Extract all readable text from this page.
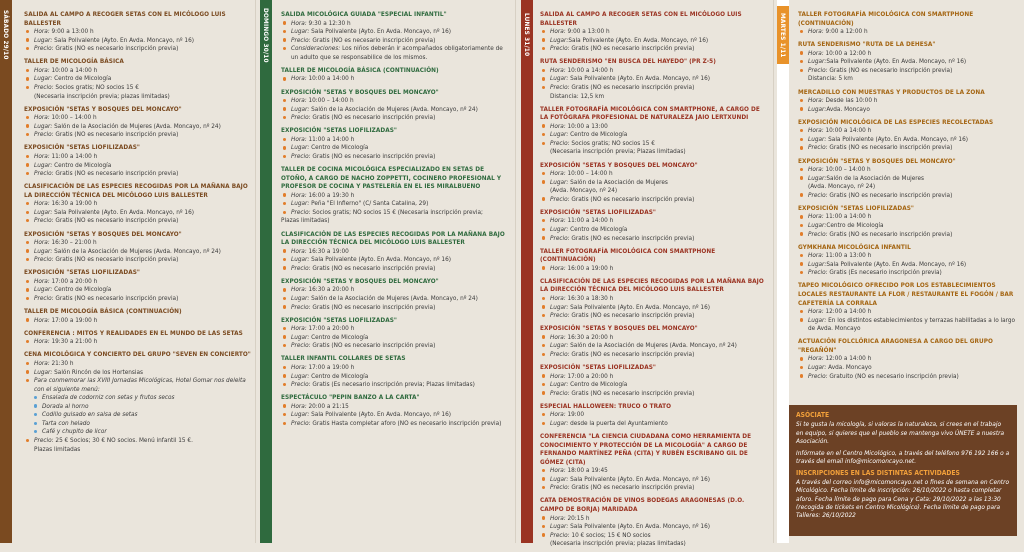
SÁBADO 29/10	DOMINGO 30/10	LUNES 31/10	MARTES 1/11
SALIDA AL CAMPO A RECOGER SETAS CON EL MICÓLOGO LUIS BALLESTER
Hora: 9:00 a 13:00 h
Lugar: Sala Polivalente (Ayto. En Avda. Moncayo, nº 16)
Precio: Gratis (NO es necesario inscripción previa)
TALLER DE MICOLOGÍA BÁSICA
Hora: 10:00 a 14:00 h
Lugar: Centro de Micología
Precio: Socios gratis; NO socios 15 €
(Necesaria inscripción previa; plazas limitadas)
EXPOSICIÓN "SETAS Y BOSQUES DEL MONCAYO"
Hora: 10:00 – 14:00 h
Lugar: Salón de la Asociación de Mujeres (Avda. Moncayo, nº 24)
Precio: Gratis (NO es necesario inscripción previa)
EXPOSICIÓN "SETAS LIOFILIZADAS"
Hora: 11:00 a 14:00 h
Lugar: Centro de Micología
Precio: Gratis (NO es necesario inscripción previa)
CLASIFICACIÓN DE LAS ESPECIES RECOGIDAS POR LA MAÑANA BAJO LA DIRECCIÓN TÉCNICA DEL MICÓLOGO LUIS BALLESTER
Hora: 16:30 a 19:00 h
Lugar: Sala Polivalente (Ayto. En Avda. Moncayo, nº 16)
Precio: Gratis (NO es necesario inscripción previa)
EXPOSICIÓN "SETAS Y BOSQUES DEL MONCAYO"
Hora: 16:30 – 21:00 h
Lugar: Salón de la Asociación de Mujeres (Avda. Moncayo, nº 24)
Precio: Gratis (NO es necesario inscripción previa)
EXPOSICIÓN "SETAS LIOFILIZADAS"
Hora: 17:00 a 20:00 h
Lugar: Centro de Micología
Precio: Gratis (NO es necesario inscripción previa)
TALLER DE MICOLOGÍA BÁSICA (CONTINUACIÓN)
Hora: 17:00 a 19:00 h
CONFERENCIA : MITOS Y REALIDADES EN EL MUNDO DE LAS SETAS
Hora: 19:30 a 21:00 h
CENA MICOLÓGICA Y CONCIERTO DEL GRUPO "SEVEN EN CONCIERTO"
Hora: 21:30 h
Lugar: Salón Rincón de los Hortensias
Para conmemorar las XVIII Jornadas Micológicas, Hotel Gomar nos deleita con el siguiente menú:
Ensalada de codorniz con setas y frutos secos
Dorada al horno
Codillo guisado en salsa de setas
Tarta con helado
Café y chupito de licor
Precio: 25 € Socios; 30 € NO socios. Menú infantil 15 €.
Plazas limitadas
SALIDA MICOLÓGICA GUIADA "ESPECIAL INFANTIL"
Hora: 9:30 a 12:30 h
Lugar: Sala Polivalente (Ayto. En Avda. Moncayo, nº 16)
Precio: Gratis (NO es necesario inscripción previa)
Consideraciones: Los niños deberán ir acompañados obligatoriamente de un adulto que se responsabilice de los mismos.
TALLER DE MICOLOGÍA BÁSICA (CONTINUACIÓN)
Hora: 10:00 a 14:00 h
EXPOSICIÓN "SETAS Y BOSQUES DEL MONCAYO"
Hora: 10:00 – 14:00 h
Lugar: Salón de la Asociación de Mujeres (Avda. Moncayo, nº 24)
Precio: Gratis (NO es necesario inscripción previa)
EXPOSICIÓN "SETAS LIOFILIZADAS"
Hora: 11:00 a 14:00 h
Lugar: Centro de Micología
Precio: Gratis (NO es necesario inscripción previa)
TALLER DE COCINA MICOLÓGICA ESPECIALIZADO EN SETAS DE OTOÑO, A CARGO DE NACHO ZOPPETTI, COCINERO PROFESIONAL Y PROFESOR DE COCINA Y PASTELERÍA EN EL IES MIRALBUENO
Hora: 16:00 a 19:30 h
Lugar: Peña "El Infierno" (C/ Santa Catalina, 29)
Precio: Socios gratis; NO socios 15 € (Necesaria inscripción previa;
Plazas limitadas)
CLASIFICACIÓN DE LAS ESPECIES RECOGIDAS POR LA MAÑANA BAJO LA DIRECCIÓN TÉCNICA DEL MICÓLOGO LUIS BALLESTER
Hora: 16:30 a 19:00
Lugar: Sala Polivalente (Ayto. En Avda. Moncayo, nº 16)
Precio: Gratis (NO es necesario inscripción previa)
EXPOSICIÓN "SETAS Y BOSQUES DEL MONCAYO"
Hora: 16:30 a 20:00 h
Lugar: Salón de la Asociación de Mujeres (Avda. Moncayo, nº 24)
Precio: Gratis (NO es necesario inscripción previa)
EXPOSICIÓN "SETAS LIOFILIZADAS"
Hora: 17:00 a 20:00 h
Lugar: Centro de Micología
Precio: Gratis (NO es necesario inscripción previa)
TALLER INFANTIL COLLARES DE SETAS
Hora: 17:00 a 19:00 h
Lugar: Centro de Micología
Precio: Gratis (Es necesario inscripción previa; Plazas limitadas)
ESPECTÁCULO "PEPIN BANZO A LA CARTA"
Hora: 20:00 a 21:15
Lugar: Sala Polivalente (Ayto. En Avda. Moncayo, nº 16)
Precio: Gratis Hasta completar aforo (NO es necesario inscripción previa)
SALIDA AL CAMPO A RECOGER SETAS CON EL MICÓLOGO LUIS BALLESTER
Hora: 9:00 a 13:00 h
Lugar:Sala Polivalente (Ayto. En Avda. Moncayo, nº 16)
Precio: Gratis (NO es necesario inscripción previa)
RUTA SENDERISMO "EN BUSCA DEL HAYEDO" (PR Z-5)
Hora: 10:00 a 14:00 h
Lugar: Sala Polivalente (Ayto. En Avda. Moncayo, nº 16)
Precio: Gratis (NO es necesario inscripción previa)
Distancia: 12,5 km
TALLER FOTOGRAFÍA MICOLÓGICA CON SMARTPHONE, A CARGO DE LA FOTÓGRAFA PROFESIONAL DE NATURALEZA JAIO LERTXUNDI
Hora: 10:00 a 13:00
Lugar: Centro de Micología
Precio: Socios gratis; NO socios 15 €
(Necesaria inscripción previa; Plazas limitadas)
EXPOSICIÓN "SETAS Y BOSQUES DEL MONCAYO"
Hora: 10:00 – 14:00 h
Lugar: Salón de la Asociación de Mujeres
(Avda. Moncayo, nº 24)
Precio: Gratis (NO es necesario inscripción previa)
EXPOSICIÓN "SETAS LIOFILIZADAS"
Hora: 11:00 a 14:00 h
Lugar: Centro de Micología
Precio: Gratis (NO es necesario inscripción previa)
TALLER FOTOGRAFÍA MICOLÓGICA CON SMARTPHONE (CONTINUACIÓN)
Hora: 16:00 a 19:00 h
CLASIFICACIÓN DE LAS ESPECIES RECOGIDAS POR LA MAÑANA BAJO LA DIRECCIÓN TÉCNICA DEL MICÓLOGO LUIS BALLESTER
Hora: 16:30 a 18:30 h
Lugar: Sala Polivalente (Ayto. En Avda. Moncayo, nº 16)
Precio: Gratis (NO es necesario inscripción previa)
EXPOSICIÓN "SETAS Y BOSQUES DEL MONCAYO"
Hora: 16:30 a 20:00 h
Lugar: Salón de la Asociación de Mujeres (Avda. Moncayo, nº 24)
Precio: Gratis (NO es necesario inscripción previa)
EXPOSICIÓN "SETAS LIOFILIZADAS"
Hora: 17:00 a 20:00 h
Lugar: Centro de Micología
Precio: Gratis (NO es necesario inscripción previa)
ESPECIAL HALLOWEEN: TRUCO O TRATO
Hora: 19:00
Lugar: desde la puerta del Ayuntamiento
CONFERENCIA "LA CIENCIA CIUDADANA COMO HERRAMIENTA DE CONOCIMIENTO Y PROTECCIÓN DE LA MICOLOGÍA" A CARGO DE FERNANDO MARTÍNEZ PEÑA (CITA) Y RUBÉN ESCRIBANO GIL DE GÓMEZ (CITA)
Hora: 18:00 a 19:45
Lugar: Sala Polivalente (Ayto. En Avda. Moncayo, nº 16)
Precio: Gratis (NO es necesario inscripción previa)
CATA DEMOSTRACIÓN DE VINOS BODEGAS ARAGONESAS (D.O. CAMPO DE BORJA) MARIDADA
Hora: 20:15 h
Lugar: Sala Polivalente (Ayto. En Avda. Moncayo, nº 16)
Precio: 10 € socios; 15 € NO socios
(Necesaria inscripción previa; plazas limitadas)
TALLER FOTOGRAFÍA MICOLÓGICA CON SMARTPHONE (CONTINUACIÓN)
Hora: 9:00 a 12:00 h
RUTA SENDERISMO "RUTA DE LA DEHESA"
Hora: 10:00 a 12:00 h
Lugar:Sala Polivalente (Ayto. En Avda. Moncayo, nº 16)
Precio: Gratis (NO es necesario inscripción previa)
Distancia: 5 km
MERCADILLO CON MUESTRAS Y PRODUCTOS DE LA ZONA
Hora: Desde las 10:00 h
Lugar:Avda. Moncayo
EXPOSICIÓN MICOLÓGICA DE LAS ESPECIES RECOLECTADAS
Hora: 10:00 a 14:00 h
Lugar: Sala Polivalente (Ayto. En Avda. Moncayo, nº 16)
Precio: Gratis (NO es necesario inscripción previa)
EXPOSICIÓN "SETAS Y BOSQUES DEL MONCAYO"
Hora: 10:00 – 14:00 h
Lugar:Salón de la Asociación de Mujeres
(Avda. Moncayo, nº 24)
Precio: Gratis (NO es necesario inscripción previa)
EXPOSICIÓN "SETAS LIOFILIZADAS"
Hora: 11:00 a 14:00 h
Lugar:Centro de Micología
Precio: Gratis (NO es necesario inscripción previa)
GYMKHANA MICOLÓGICA INFANTIL
Hora: 11:00 a 13:00 h
Lugar:Sala Polivalente (Ayto. En Avda. Moncayo, nº 16)
Precio: Gratis (Es necesario inscripción previa)
TAPEO MICOLÓGICO OFRECIDO POR LOS ESTABLECIMIENTOS LOCALES RESTAURANTE LA FLOR / RESTAURANTE EL FOGÓN / BAR CAFETERÍA LA CORRALA
Hora: 12:00 a 14:00 h
Lugar: En los distintos establecimientos y terrazas habilitadas a lo largo de Avda. Moncayo
ACTUACIÓN FOLCLÓRICA ARAGONESA A CARGO DEL GRUPO "REGAÑÓN"
Hora: 12:00 a 14:00 h
Lugar: Avda. Moncayo
Precio: Gratuito (NO es necesario inscripción previa)
ASÓCIATE

Si te gusta la micología, si valoras la naturaleza, si crees en el trabajo en equipo, si quieres que el pueblo se mantenga vivo ÚNETE a nuestra Asociación.

Infórmate en el Centro Micológico, a través del teléfono 976 192 166 o a través del email info@micomoncayo.net.

INSCRIPCIONES EN LAS DISTINTAS ACTIVIDADES

A través del correo info@micomoncayo.net o fines de semana en Centro Micológico. Fecha límite de inscripción: 26/10/2022 o hasta completar aforo. Fecha límite de pago para Cena y Cata: 29/10/2022 a las 13:30 (recogida de tickets en Centro Micológico). Fecha límite de pago para Talleres: 26/10/2022
